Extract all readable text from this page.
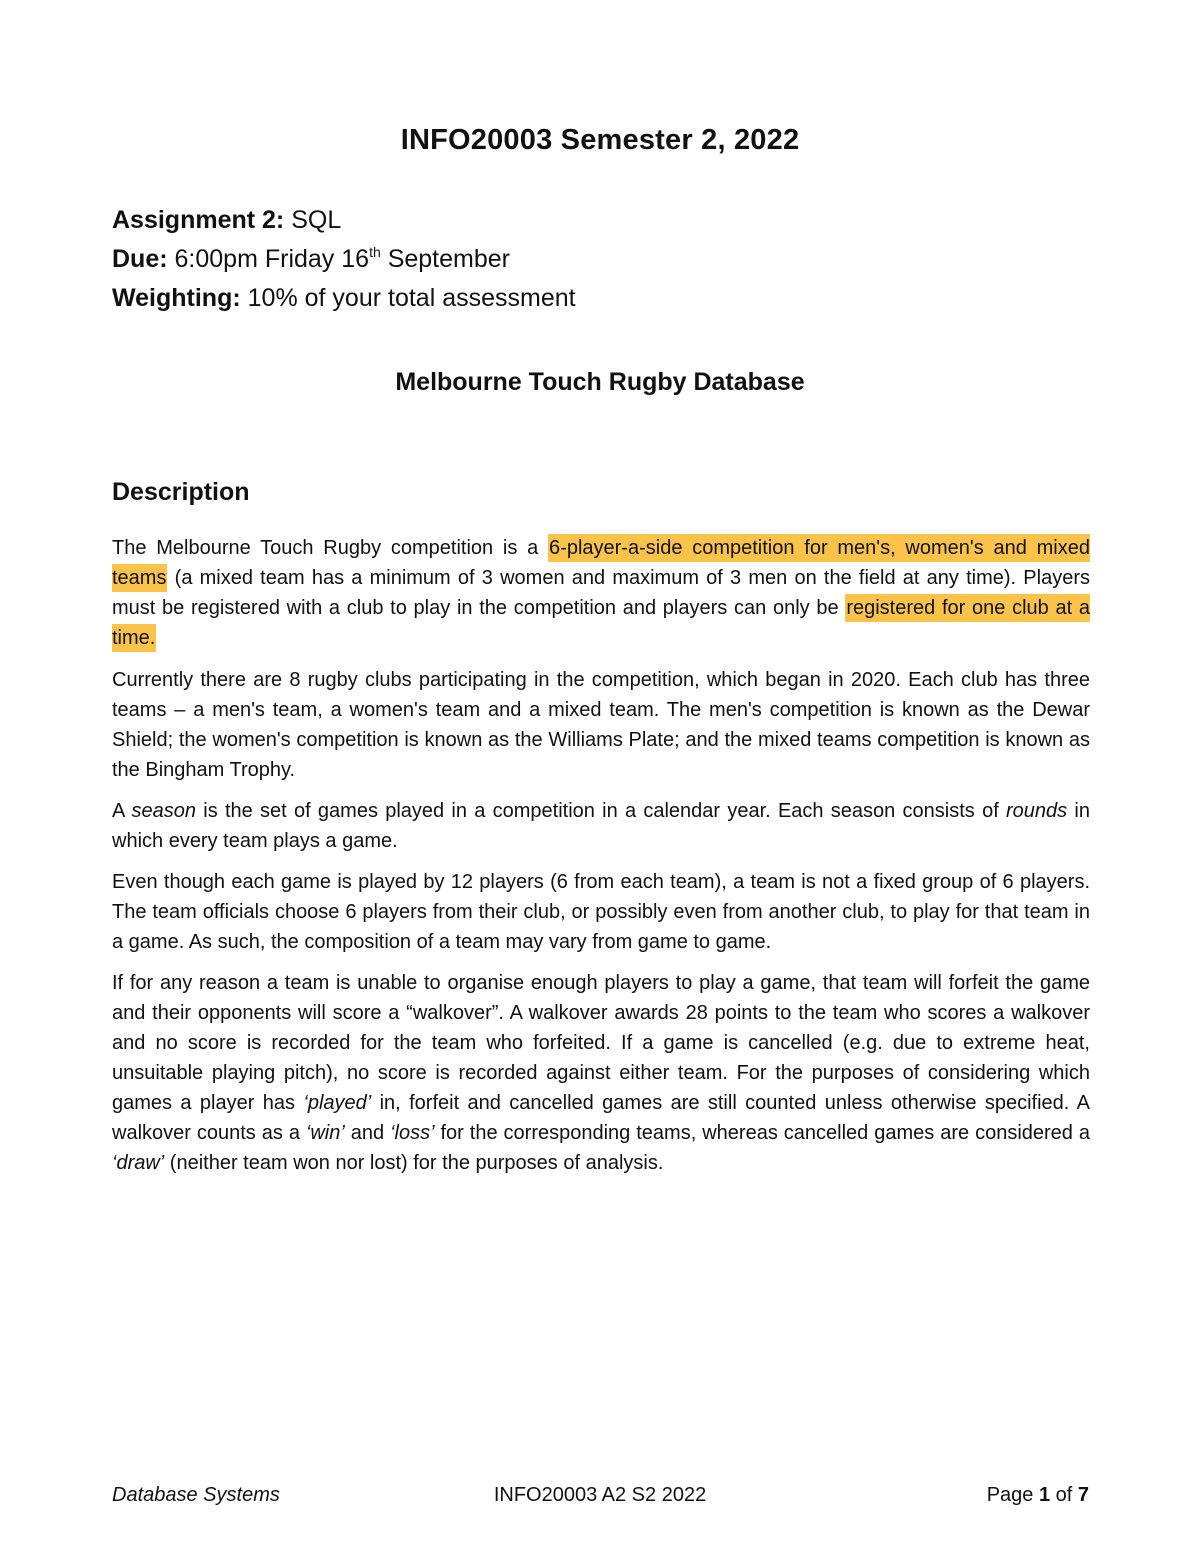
INFO20003 Semester 2, 2022
Assignment 2: SQL
Due: 6:00pm Friday 16th September
Weighting: 10% of your total assessment
Melbourne Touch Rugby Database
Description

The Melbourne Touch Rugby competition is a 6-player-a-side competition for men's, women's and mixed teams (a mixed team has a minimum of 3 women and maximum of 3 men on the field at any time). Players must be registered with a club to play in the competition and players can only be registered for one club at a time.

Currently there are 8 rugby clubs participating in the competition, which began in 2020. Each club has three teams – a men's team, a women's team and a mixed team. The men's competition is known as the Dewar Shield; the women's competition is known as the Williams Plate; and the mixed teams competition is known as the Bingham Trophy.

A season is the set of games played in a competition in a calendar year. Each season consists of rounds in which every team plays a game.

Even though each game is played by 12 players (6 from each team), a team is not a fixed group of 6 players. The team officials choose 6 players from their club, or possibly even from another club, to play for that team in a game. As such, the composition of a team may vary from game to game.

If for any reason a team is unable to organise enough players to play a game, that team will forfeit the game and their opponents will score a “walkover”. A walkover awards 28 points to the team who scores a walkover and no score is recorded for the team who forfeited. If a game is cancelled (e.g. due to extreme heat, unsuitable playing pitch), no score is recorded against either team. For the purposes of considering which games a player has ‘played’ in, forfeit and cancelled games are still counted unless otherwise specified. A walkover counts as a ‘win’ and ‘loss’ for the corresponding teams, whereas cancelled games are considered a ‘draw’ (neither team won nor lost) for the purposes of analysis.

Database Systems	INFO20003 A2 S2 2022	Page 1 of 7
